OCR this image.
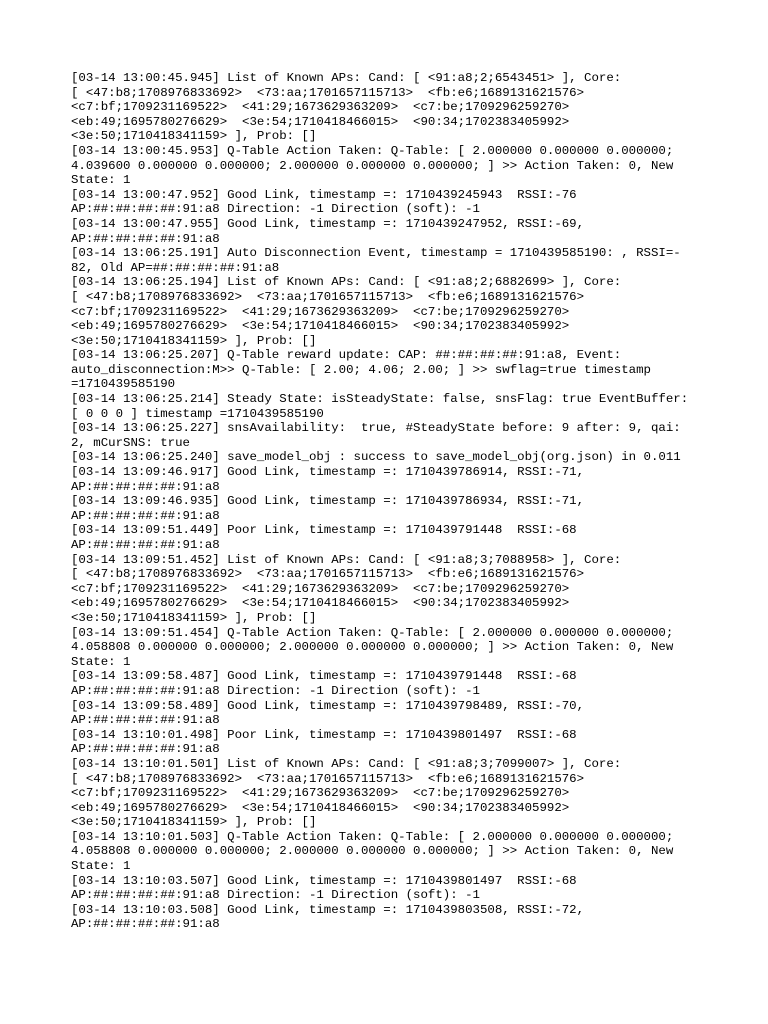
[03-14 13:00:45.945] List of Known APs: Cand: [ <91:a8;2;6543451> ], Core:
[ <47:b8;1708976833692>  <73:aa;1701657115713>  <fb:e6;1689131621576>
<c7:bf;1709231169522>  <41:29;1673629363209>  <c7:be;1709296259270>
<eb:49;1695780276629>  <3e:54;1710418466015>  <90:34;1702383405992>
<3e:50;1710418341159> ], Prob: []
[03-14 13:00:45.953] Q-Table Action Taken: Q-Table: [ 2.000000 0.000000 0.000000;
4.039600 0.000000 0.000000; 2.000000 0.000000 0.000000; ] >> Action Taken: 0, New
State: 1
[03-14 13:00:47.952] Good Link, timestamp =: 1710439245943  RSSI:-76
AP:##:##:##:##:91:a8 Direction: -1 Direction (soft): -1
[03-14 13:00:47.955] Good Link, timestamp =: 1710439247952, RSSI:-69,
AP:##:##:##:##:91:a8
[03-14 13:06:25.191] Auto Disconnection Event, timestamp = 1710439585190: , RSSI=-
82, Old AP=##:##:##:##:91:a8
[03-14 13:06:25.194] List of Known APs: Cand: [ <91:a8;2;6882699> ], Core:
[ <47:b8;1708976833692>  <73:aa;1701657115713>  <fb:e6;1689131621576>
<c7:bf;1709231169522>  <41:29;1673629363209>  <c7:be;1709296259270>
<eb:49;1695780276629>  <3e:54;1710418466015>  <90:34;1702383405992>
<3e:50;1710418341159> ], Prob: []
[03-14 13:06:25.207] Q-Table reward update: CAP: ##:##:##:##:91:a8, Event:
auto_disconnection:M>> Q-Table: [ 2.00; 4.06; 2.00; ] >> swflag=true timestamp
=1710439585190
[03-14 13:06:25.214] Steady State: isSteadyState: false, snsFlag: true EventBuffer:
[ 0 0 0 ] timestamp =1710439585190
[03-14 13:06:25.227] snsAvailability:  true, #SteadyState before: 9 after: 9, qai:
2, mCurSNS: true
[03-14 13:06:25.240] save_model_obj : success to save_model_obj(org.json) in 0.011
[03-14 13:09:46.917] Good Link, timestamp =: 1710439786914, RSSI:-71,
AP:##:##:##:##:91:a8
[03-14 13:09:46.935] Good Link, timestamp =: 1710439786934, RSSI:-71,
AP:##:##:##:##:91:a8
[03-14 13:09:51.449] Poor Link, timestamp =: 1710439791448  RSSI:-68
AP:##:##:##:##:91:a8
[03-14 13:09:51.452] List of Known APs: Cand: [ <91:a8;3;7088958> ], Core:
[ <47:b8;1708976833692>  <73:aa;1701657115713>  <fb:e6;1689131621576>
<c7:bf;1709231169522>  <41:29;1673629363209>  <c7:be;1709296259270>
<eb:49;1695780276629>  <3e:54;1710418466015>  <90:34;1702383405992>
<3e:50;1710418341159> ], Prob: []
[03-14 13:09:51.454] Q-Table Action Taken: Q-Table: [ 2.000000 0.000000 0.000000;
4.058808 0.000000 0.000000; 2.000000 0.000000 0.000000; ] >> Action Taken: 0, New
State: 1
[03-14 13:09:58.487] Good Link, timestamp =: 1710439791448  RSSI:-68
AP:##:##:##:##:91:a8 Direction: -1 Direction (soft): -1
[03-14 13:09:58.489] Good Link, timestamp =: 1710439798489, RSSI:-70,
AP:##:##:##:##:91:a8
[03-14 13:10:01.498] Poor Link, timestamp =: 1710439801497  RSSI:-68
AP:##:##:##:##:91:a8
[03-14 13:10:01.501] List of Known APs: Cand: [ <91:a8;3;7099007> ], Core:
[ <47:b8;1708976833692>  <73:aa;1701657115713>  <fb:e6;1689131621576>
<c7:bf;1709231169522>  <41:29;1673629363209>  <c7:be;1709296259270>
<eb:49;1695780276629>  <3e:54;1710418466015>  <90:34;1702383405992>
<3e:50;1710418341159> ], Prob: []
[03-14 13:10:01.503] Q-Table Action Taken: Q-Table: [ 2.000000 0.000000 0.000000;
4.058808 0.000000 0.000000; 2.000000 0.000000 0.000000; ] >> Action Taken: 0, New
State: 1
[03-14 13:10:03.507] Good Link, timestamp =: 1710439801497  RSSI:-68
AP:##:##:##:##:91:a8 Direction: -1 Direction (soft): -1
[03-14 13:10:03.508] Good Link, timestamp =: 1710439803508, RSSI:-72,
AP:##:##:##:##:91:a8
